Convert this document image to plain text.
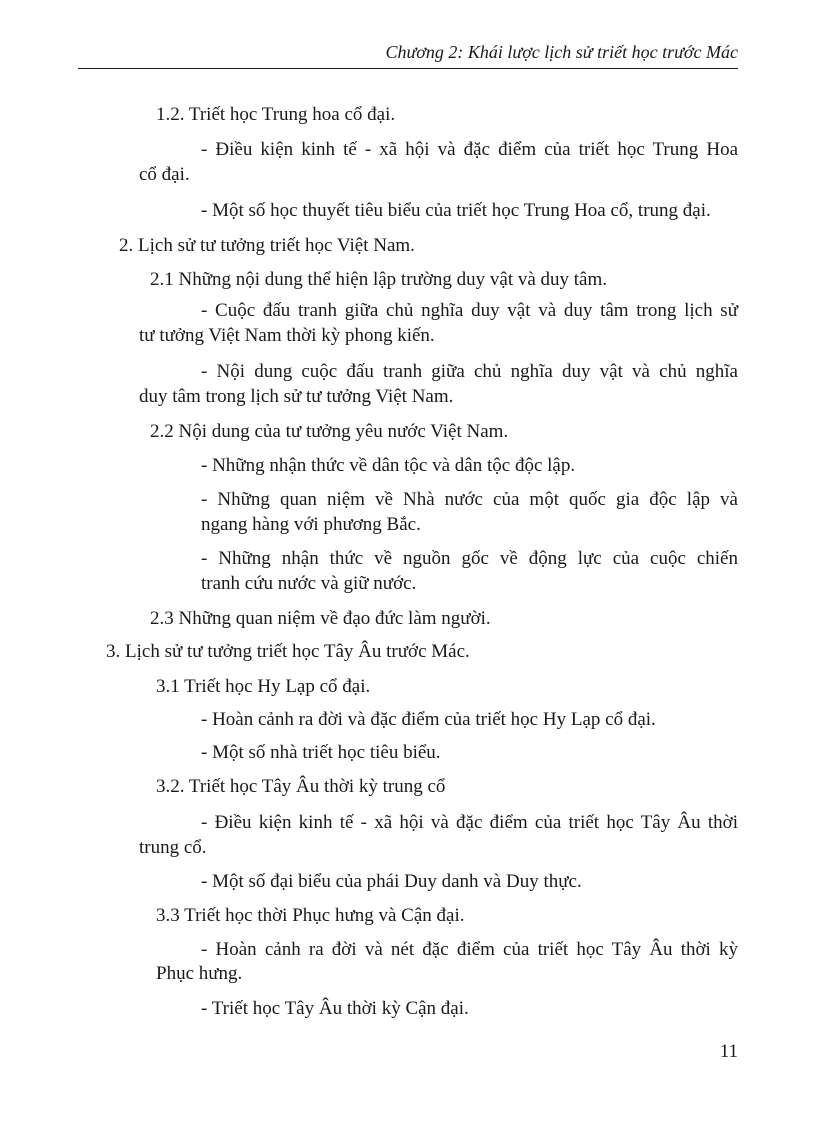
Chương 2: Khái lược lịch sử triết học trước Mác
1.2. Triết học Trung hoa cổ đại.
- Điều kiện kinh tế - xã hội và đặc điểm của triết học Trung Hoa
cổ đại.
- Một số học thuyết tiêu biểu của triết học Trung Hoa cổ, trung đại.
2. Lịch sử tư tưởng triết học Việt Nam.
2.1 Những nội dung thể hiện lập trường duy vật và duy tâm.
- Cuộc đấu tranh giữa chủ nghĩa duy vật và duy tâm trong lịch sử
tư tưởng Việt Nam thời kỳ phong kiến.
- Nội dung cuộc đấu tranh giữa chủ nghĩa duy vật và chủ nghĩa
duy tâm trong lịch sử tư tưởng Việt Nam.
2.2 Nội dung của tư tưởng yêu nước Việt Nam.
- Những nhận thức về dân tộc và dân tộc độc lập.
- Những quan niệm về Nhà nước của một quốc gia độc lập và
ngang hàng với phương Bắc.
- Những nhận thức về nguồn gốc về động lực của cuộc chiến
tranh cứu nước và giữ nước.
2.3 Những quan niệm về đạo đức làm người.
3. Lịch sử tư tưởng triết học Tây Âu trước Mác.
3.1 Triết học Hy Lạp cổ đại.
- Hoàn cảnh ra đời và đặc điểm của triết học Hy Lạp cổ đại.
- Một số nhà triết học tiêu biểu.
3.2. Triết học Tây Âu thời kỳ trung cổ
- Điều kiện kinh tế - xã hội và đặc điểm của triết học Tây Âu thời
trung cổ.
- Một số đại biểu của phái Duy danh và Duy thực.
3.3 Triết học thời Phục hưng và Cận đại.
- Hoàn cảnh ra đời và nét đặc điểm của triết học Tây Âu thời kỳ
Phục hưng.
- Triết học Tây Âu thời kỳ Cận đại.
11
